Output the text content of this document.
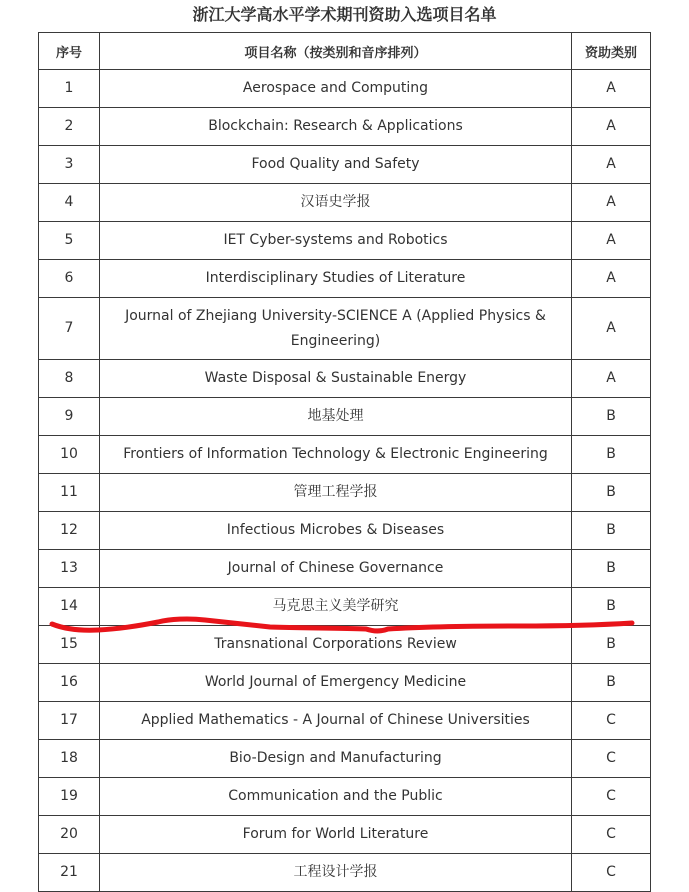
浙江大学高水平学术期刊资助入选项目名单
序号	项目名称（按类别和音序排列）	资助类别
1	Aerospace and Computing	A
2	Blockchain: Research & Applications	A
3	Food Quality and Safety	A
4	汉语史学报	A
5	IET Cyber-systems and Robotics	A
6	Interdisciplinary Studies of Literature	A
7	Journal of Zhejiang University-SCIENCE A (Applied Physics & Engineering)	A
8	Waste Disposal & Sustainable Energy	A
9	地基处理	B
10	Frontiers of Information Technology & Electronic Engineering	B
11	管理工程学报	B
12	Infectious Microbes & Diseases	B
13	Journal of Chinese Governance	B
14	马克思主义美学研究	B
15	Transnational Corporations Review	B
16	World Journal of Emergency Medicine	B
17	Applied Mathematics - A Journal of Chinese Universities	C
18	Bio-Design and Manufacturing	C
19	Communication and the Public	C
20	Forum for World Literature	C
21	工程设计学报	C
